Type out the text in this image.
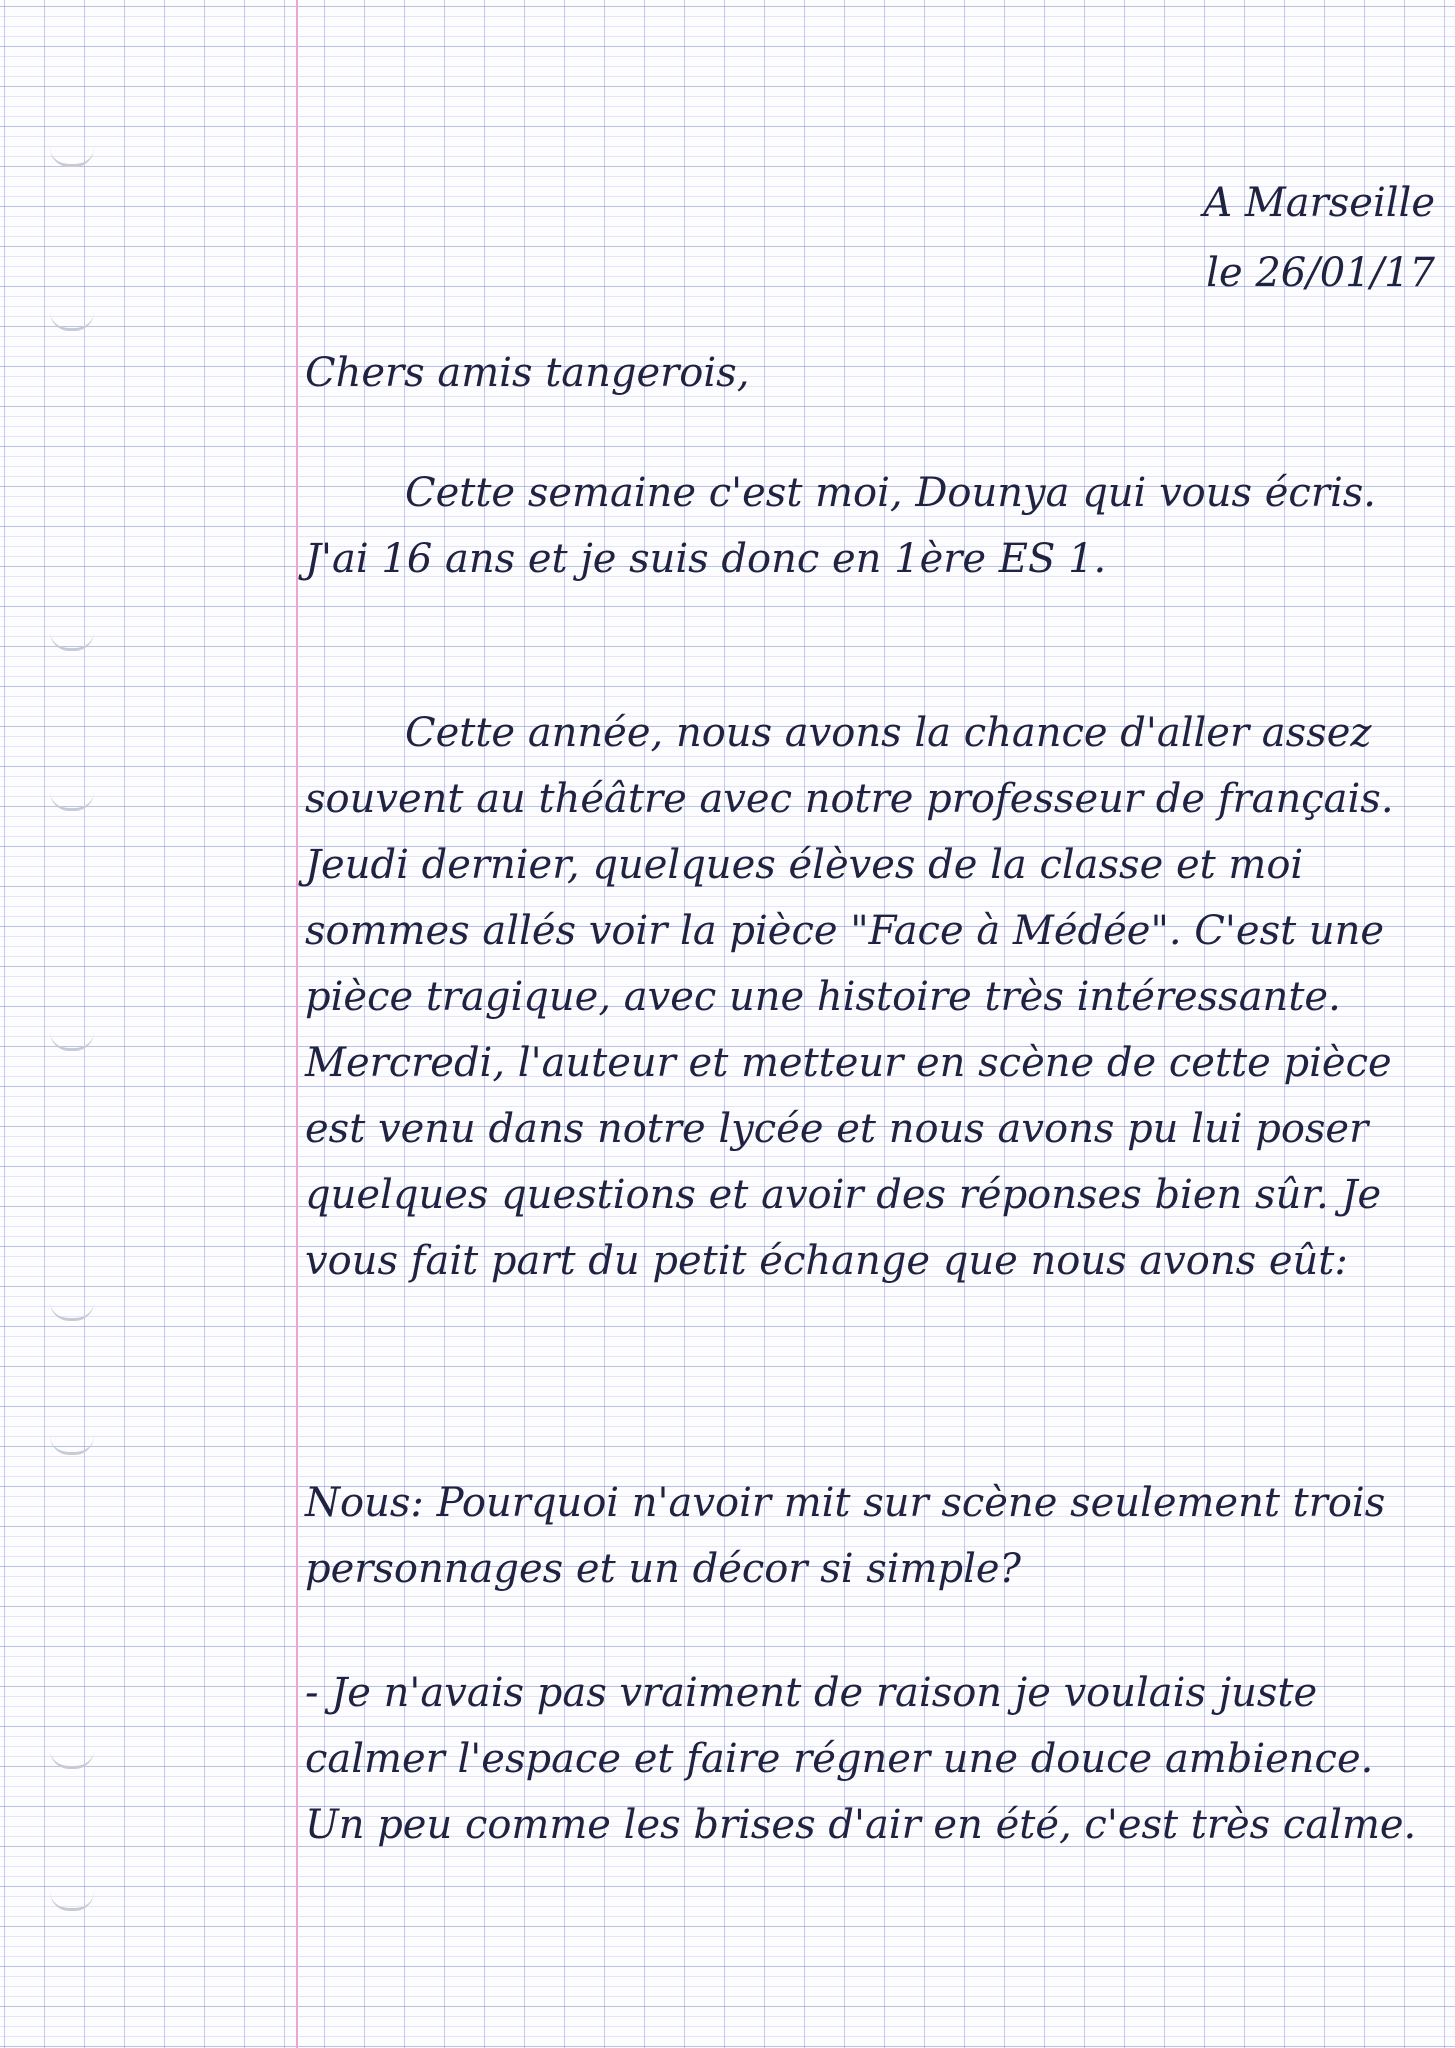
A Marseille
le 26/01/17
Chers amis tangerois,
Cette semaine c'est moi, Dounya qui vous écris. J'ai 16 ans et je suis donc en 1ère ES 1.
Cette année, nous avons la chance d'aller assez souvent au théâtre avec notre professeur de français. Jeudi dernier, quelques élèves de la classe et moi sommes allés voir la pièce "Face à Médée". C'est une pièce tragique, avec une histoire très intéressante. Mercredi, l'auteur et metteur en scène de cette pièce est venu dans notre lycée et nous avons pu lui poser quelques questions et avoir des réponses bien sûr. Je vous fait part du petit échange que nous avons eût:
Nous: Pourquoi n'avoir mit sur scène seulement trois personnages et un décor si simple?
- Je n'avais pas vraiment de raison je voulais juste calmer l'espace et faire régner une douce ambience. Un peu comme les brises d'air en été, c'est très calme.
